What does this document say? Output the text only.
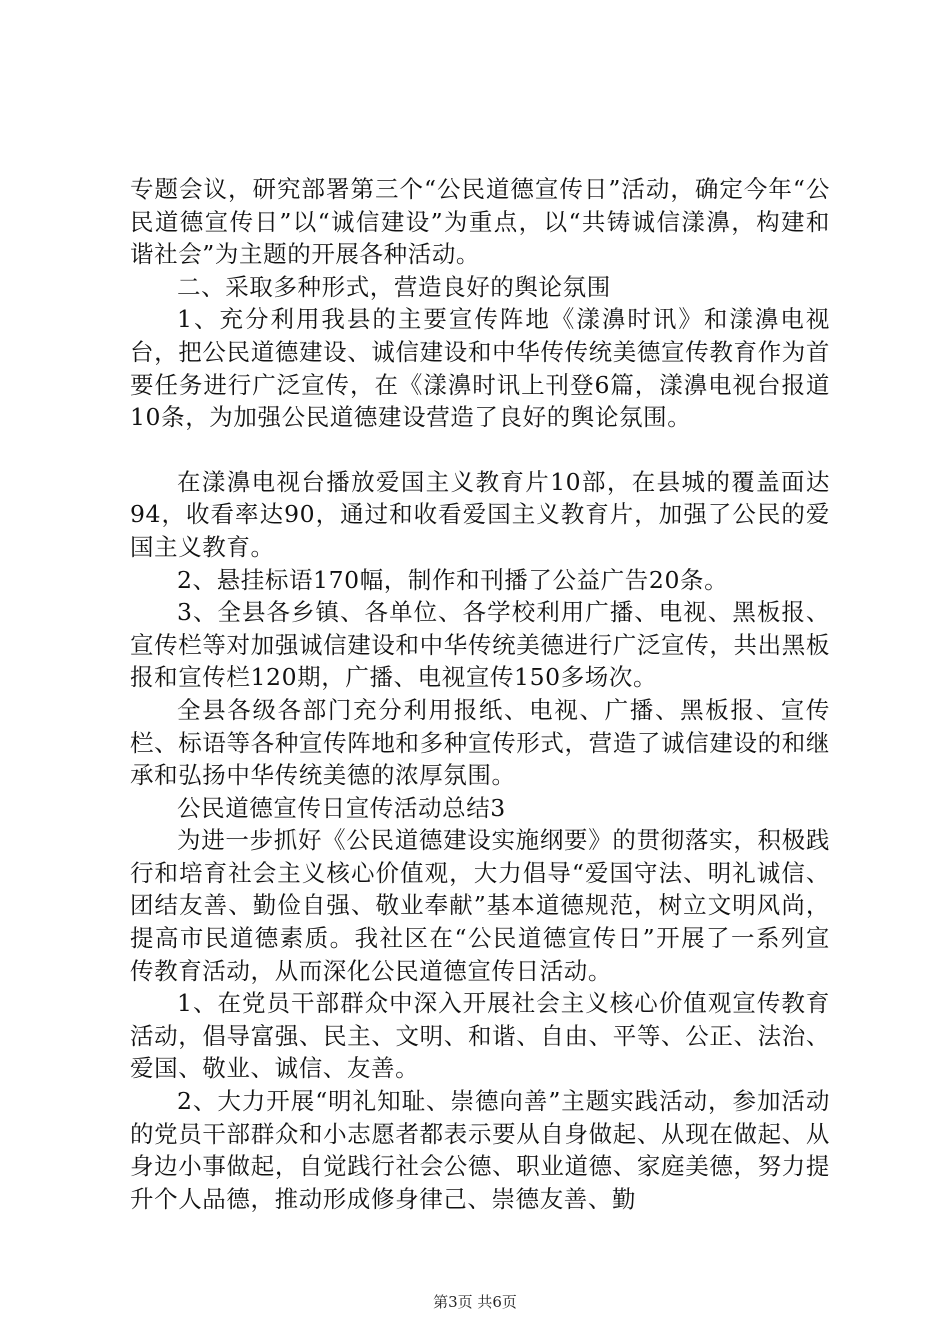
专题会议，研究部署第三个“公民道德宣传日”活动，确定今年“公民道德宣传日”以“诚信建设”为重点，以“共铸诚信漾濞，构建和谐社会”为主题的开展各种活动。

二、采取多种形式，营造良好的舆论氛围

1、充分利用我县的主要宣传阵地《漾濞时讯》和漾濞电视台，把公民道德建设、诚信建设和中华传传统美德宣传教育作为首要任务进行广泛宣传，在《漾濞时讯上刊登6篇，漾濞电视台报道10条，为加强公民道德建设营造了良好的舆论氛围。

在漾濞电视台播放爱国主义教育片10部，在县城的覆盖面达94，收看率达90，通过和收看爱国主义教育片，加强了公民的爱国主义教育。

2、悬挂标语170幅，制作和刊播了公益广告20条。

3、全县各乡镇、各单位、各学校利用广播、电视、黑板报、宣传栏等对加强诚信建设和中华传统美德进行广泛宣传，共出黑板报和宣传栏120期，广播、电视宣传150多场次。

全县各级各部门充分利用报纸、电视、广播、黑板报、宣传栏、标语等各种宣传阵地和多种宣传形式，营造了诚信建设的和继承和弘扬中华传统美德的浓厚氛围。

公民道德宣传日宣传活动总结3

为进一步抓好《公民道德建设实施纲要》的贯彻落实，积极践行和培育社会主义核心价值观，大力倡导“爱国守法、明礼诚信、团结友善、勤俭自强、敬业奉献”基本道德规范，树立文明风尚，提高市民道德素质。我社区在“公民道德宣传日”开展了一系列宣传教育活动，从而深化公民道德宣传日活动。

1、在党员干部群众中深入开展社会主义核心价值观宣传教育活动，倡导富强、民主、文明、和谐、自由、平等、公正、法治、爱国、敬业、诚信、友善。

2、大力开展“明礼知耻、崇德向善”主题实践活动，参加活动的党员干部群众和小志愿者都表示要从自身做起、从现在做起、从身边小事做起，自觉践行社会公德、职业道德、家庭美德，努力提升个人品德，推动形成修身律己、崇德友善、勤

第3页 共6页
